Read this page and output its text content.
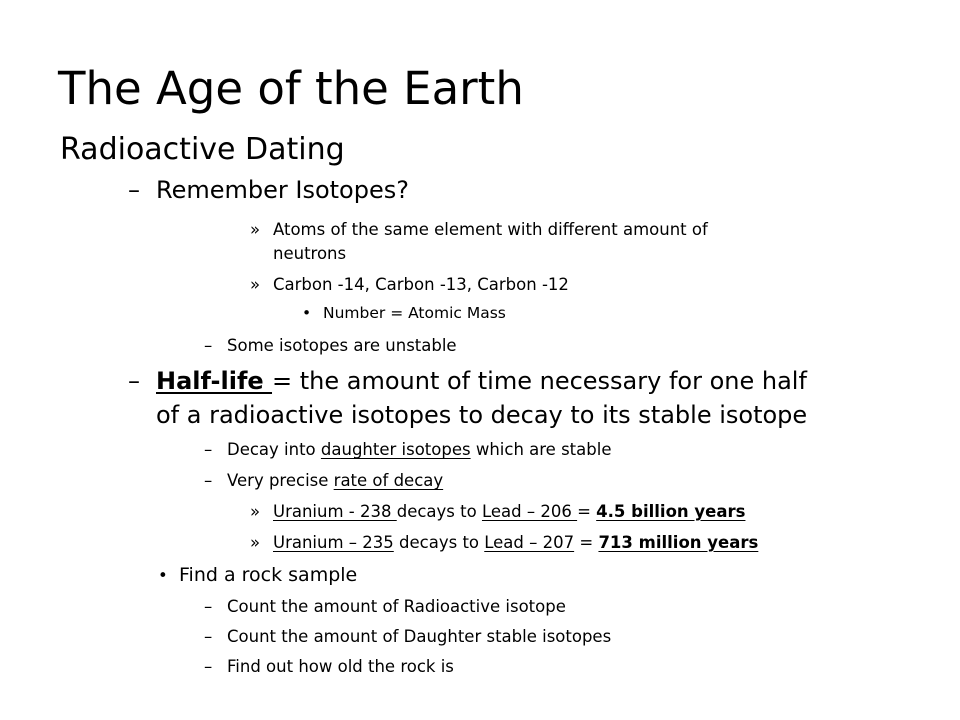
The Age of the Earth
Radioactive Dating
– Remember Isotopes?
» Atoms of the same element with different amount of
neutrons
» Carbon -14, Carbon -13, Carbon -12
• Number = Atomic Mass
– Some isotopes are unstable
– Half-life = the amount of time necessary for one half
of a radioactive isotopes to decay to its stable isotope
– Decay into daughter isotopes which are stable
– Very precise rate of decay
» Uranium - 238 decays to Lead – 206 = 4.5 billion years
» Uranium – 235 decays to Lead – 207 = 713 million years
• Find a rock sample
– Count the amount of Radioactive isotope
– Count the amount of Daughter stable isotopes
– Find out how old the rock is
